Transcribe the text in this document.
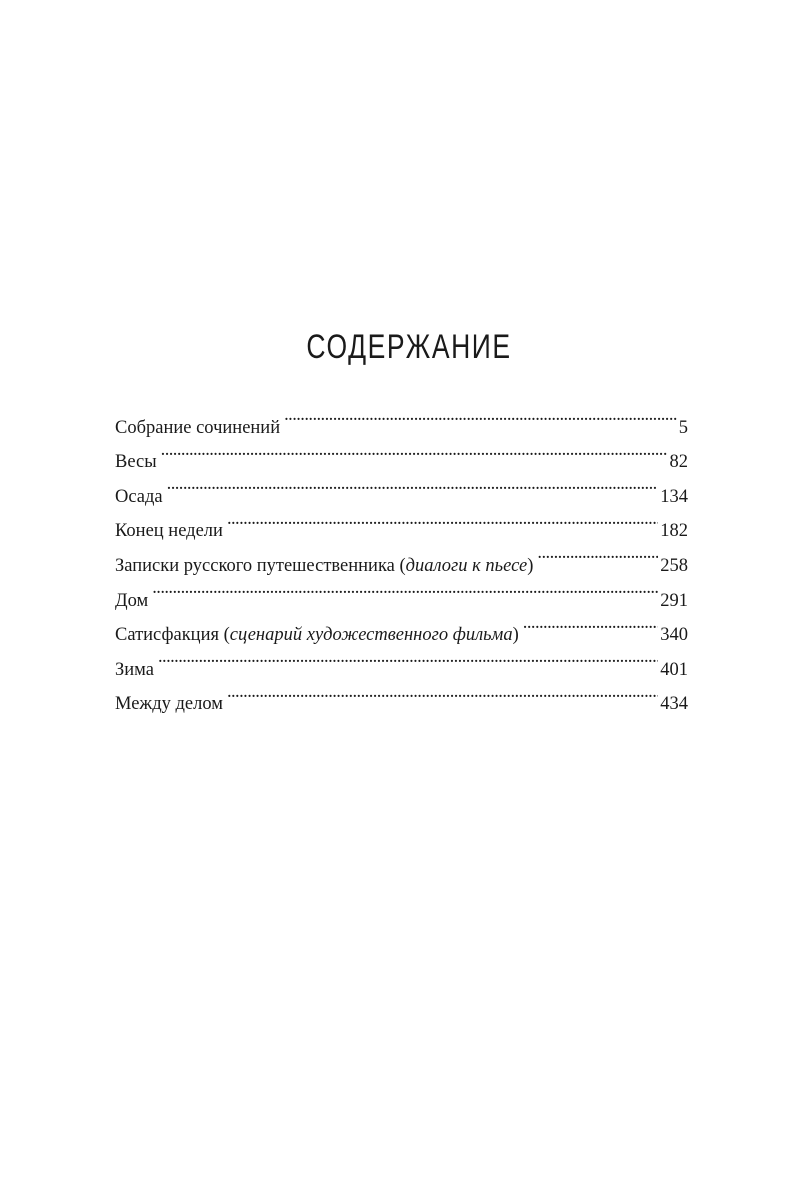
СОДЕРЖАНИЕ
Собрание сочинений . . .	5
Весы . . .	82
Осада . . .	134
Конец недели . . .	182
Записки русского путешественника (диалоги к пьесе) . . .	258
Дом . . .	291
Сатисфакция (сценарий художественного фильма) . . .	340
Зима . . .	401
Между делом . . .	434
